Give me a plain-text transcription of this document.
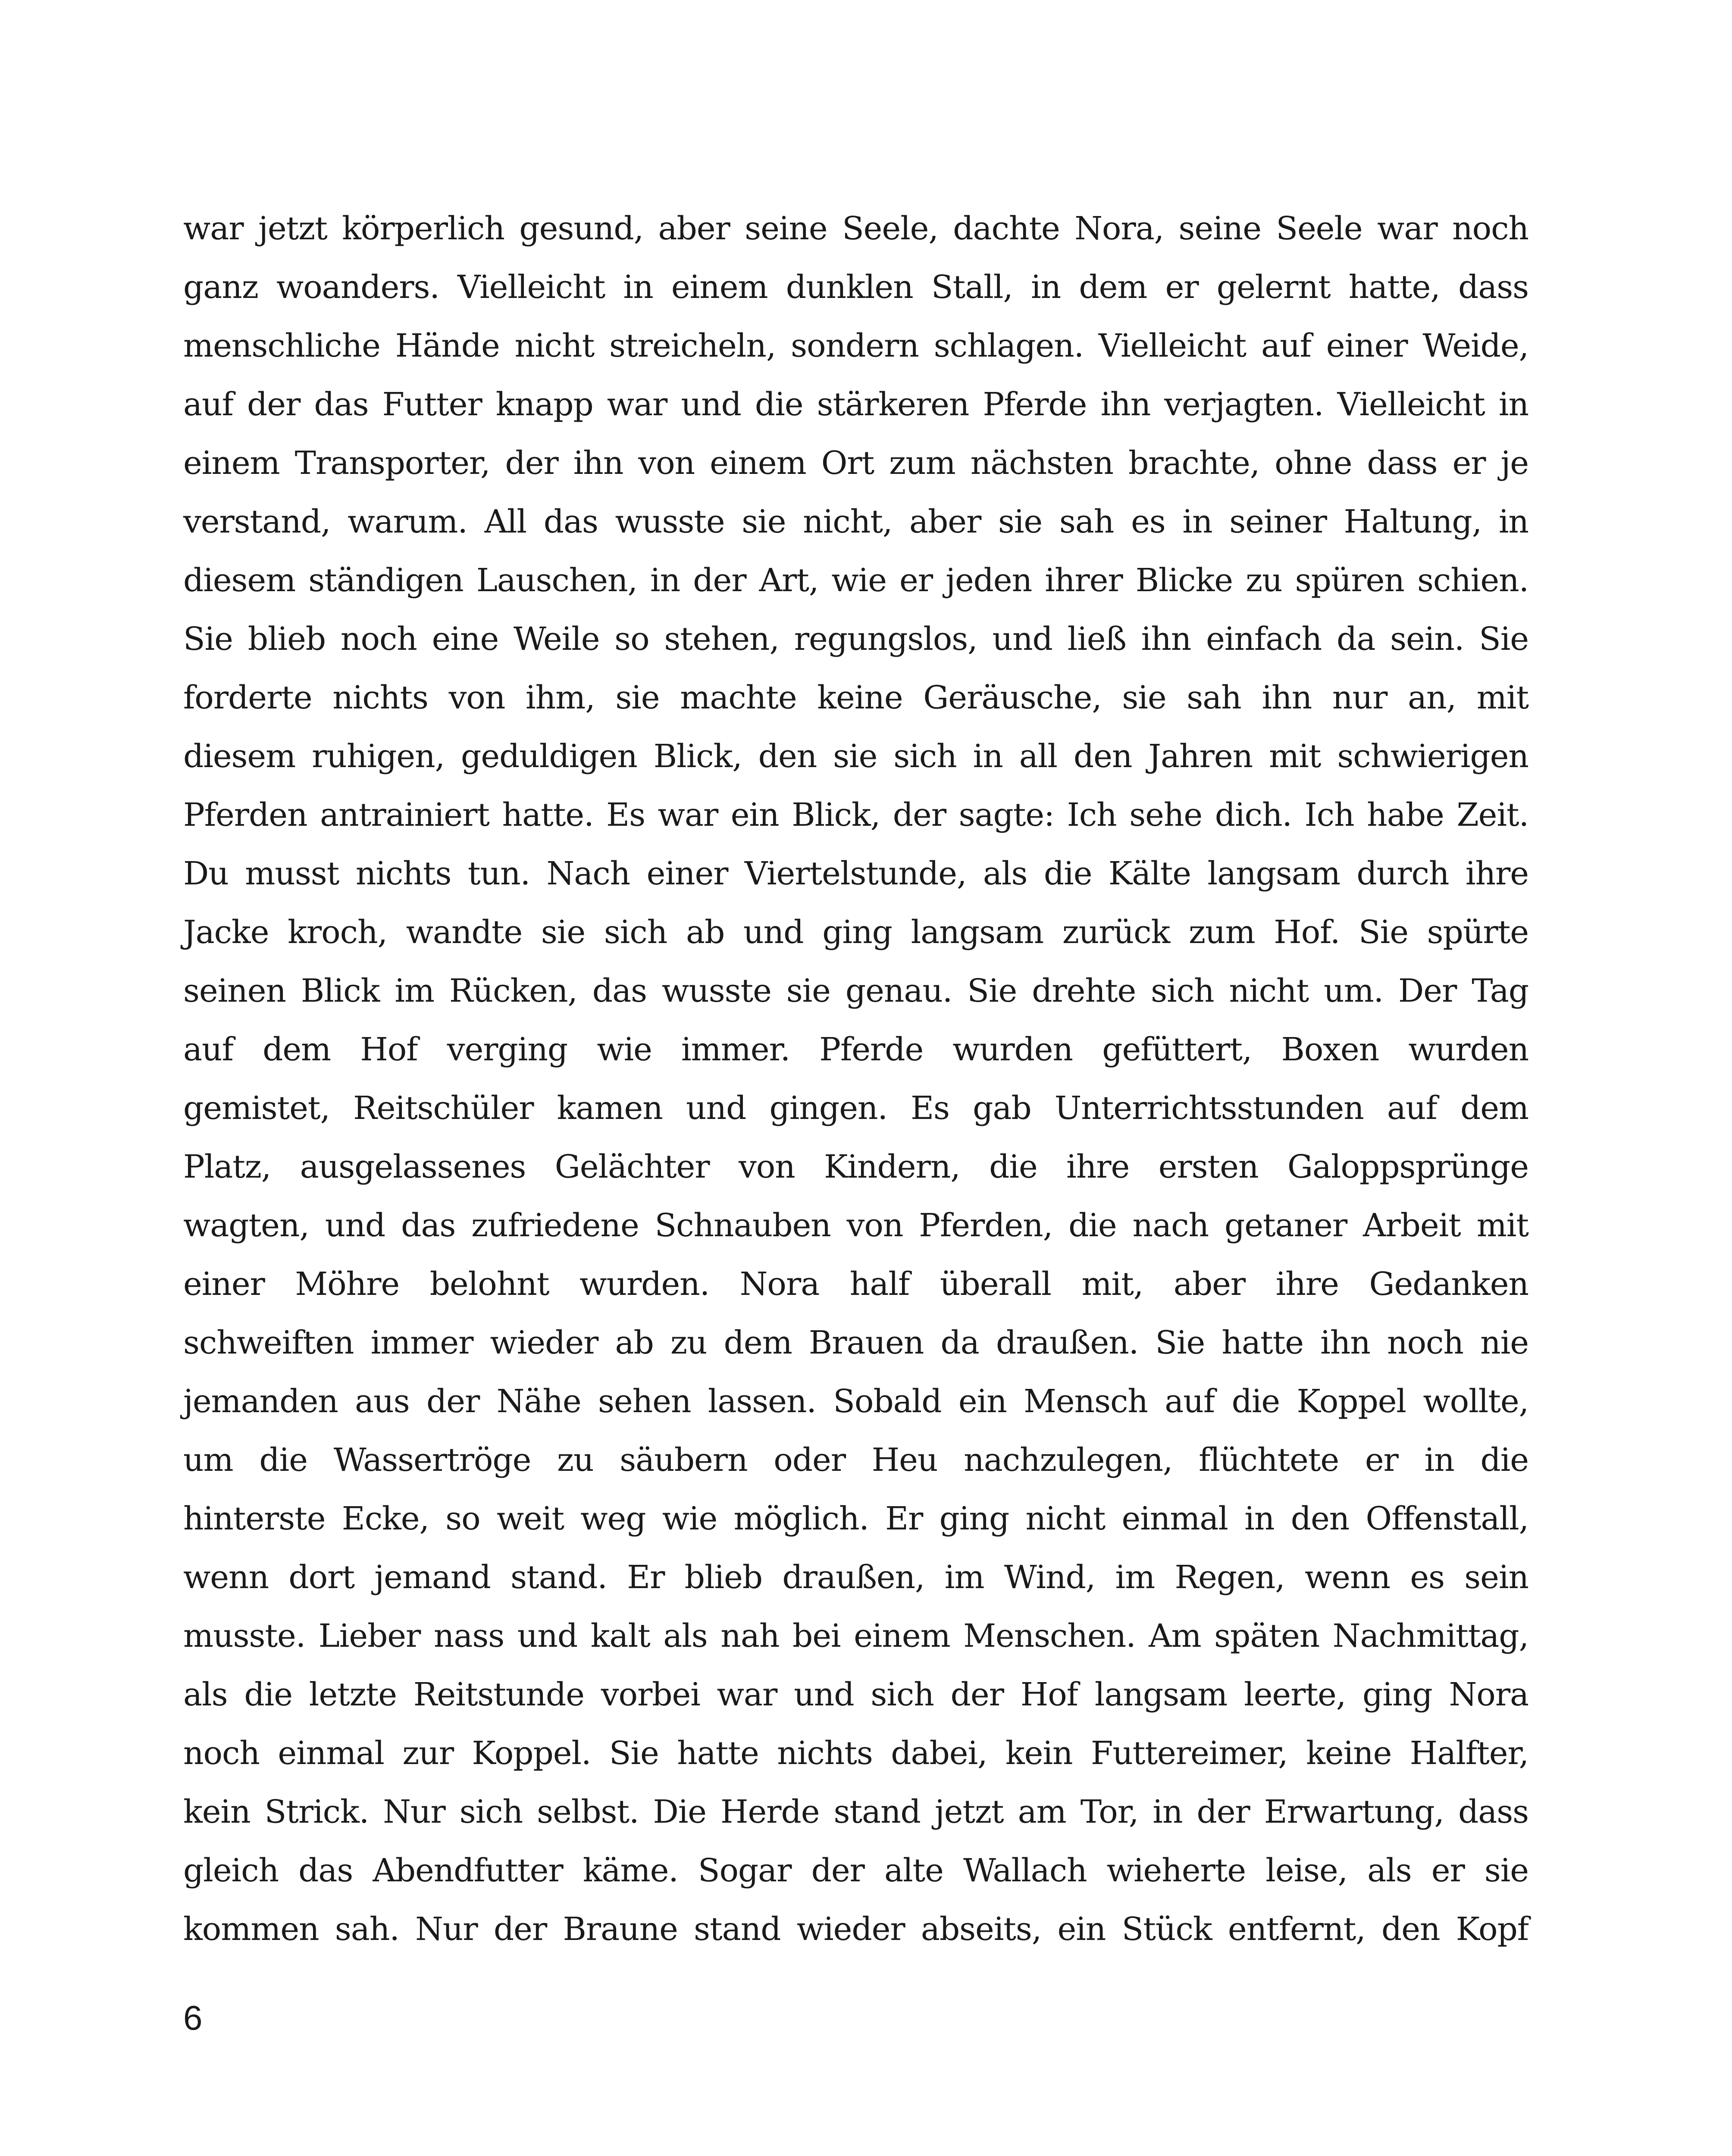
war jetzt körperlich gesund, aber seine Seele, dachte Nora, seine Seele war noch
ganz woanders. Vielleicht in einem dunklen Stall, in dem er gelernt hatte, dass
menschliche Hände nicht streicheln, sondern schlagen. Vielleicht auf einer Weide,
auf der das Futter knapp war und die stärkeren Pferde ihn verjagten. Vielleicht in
einem Transporter, der ihn von einem Ort zum nächsten brachte, ohne dass er je
verstand, warum. All das wusste sie nicht, aber sie sah es in seiner Haltung, in
diesem ständigen Lauschen, in der Art, wie er jeden ihrer Blicke zu spüren schien.
Sie blieb noch eine Weile so stehen, regungslos, und ließ ihn einfach da sein. Sie
forderte nichts von ihm, sie machte keine Geräusche, sie sah ihn nur an, mit
diesem ruhigen, geduldigen Blick, den sie sich in all den Jahren mit schwierigen
Pferden antrainiert hatte. Es war ein Blick, der sagte: Ich sehe dich. Ich habe Zeit.
Du musst nichts tun. Nach einer Viertelstunde, als die Kälte langsam durch ihre
Jacke kroch, wandte sie sich ab und ging langsam zurück zum Hof. Sie spürte
seinen Blick im Rücken, das wusste sie genau. Sie drehte sich nicht um. Der Tag
auf dem Hof verging wie immer. Pferde wurden gefüttert, Boxen wurden
gemistet, Reitschüler kamen und gingen. Es gab Unterrichtsstunden auf dem
Platz, ausgelassenes Gelächter von Kindern, die ihre ersten Galoppsprünge
wagten, und das zufriedene Schnauben von Pferden, die nach getaner Arbeit mit
einer Möhre belohnt wurden. Nora half überall mit, aber ihre Gedanken
schweiften immer wieder ab zu dem Brauen da draußen. Sie hatte ihn noch nie
jemanden aus der Nähe sehen lassen. Sobald ein Mensch auf die Koppel wollte,
um die Wassertröge zu säubern oder Heu nachzulegen, flüchtete er in die
hinterste Ecke, so weit weg wie möglich. Er ging nicht einmal in den Offenstall,
wenn dort jemand stand. Er blieb draußen, im Wind, im Regen, wenn es sein
musste. Lieber nass und kalt als nah bei einem Menschen. Am späten Nachmittag,
als die letzte Reitstunde vorbei war und sich der Hof langsam leerte, ging Nora
noch einmal zur Koppel. Sie hatte nichts dabei, kein Futtereimer, keine Halfter,
kein Strick. Nur sich selbst. Die Herde stand jetzt am Tor, in der Erwartung, dass
gleich das Abendfutter käme. Sogar der alte Wallach wieherte leise, als er sie
kommen sah. Nur der Braune stand wieder abseits, ein Stück entfernt, den Kopf
6
